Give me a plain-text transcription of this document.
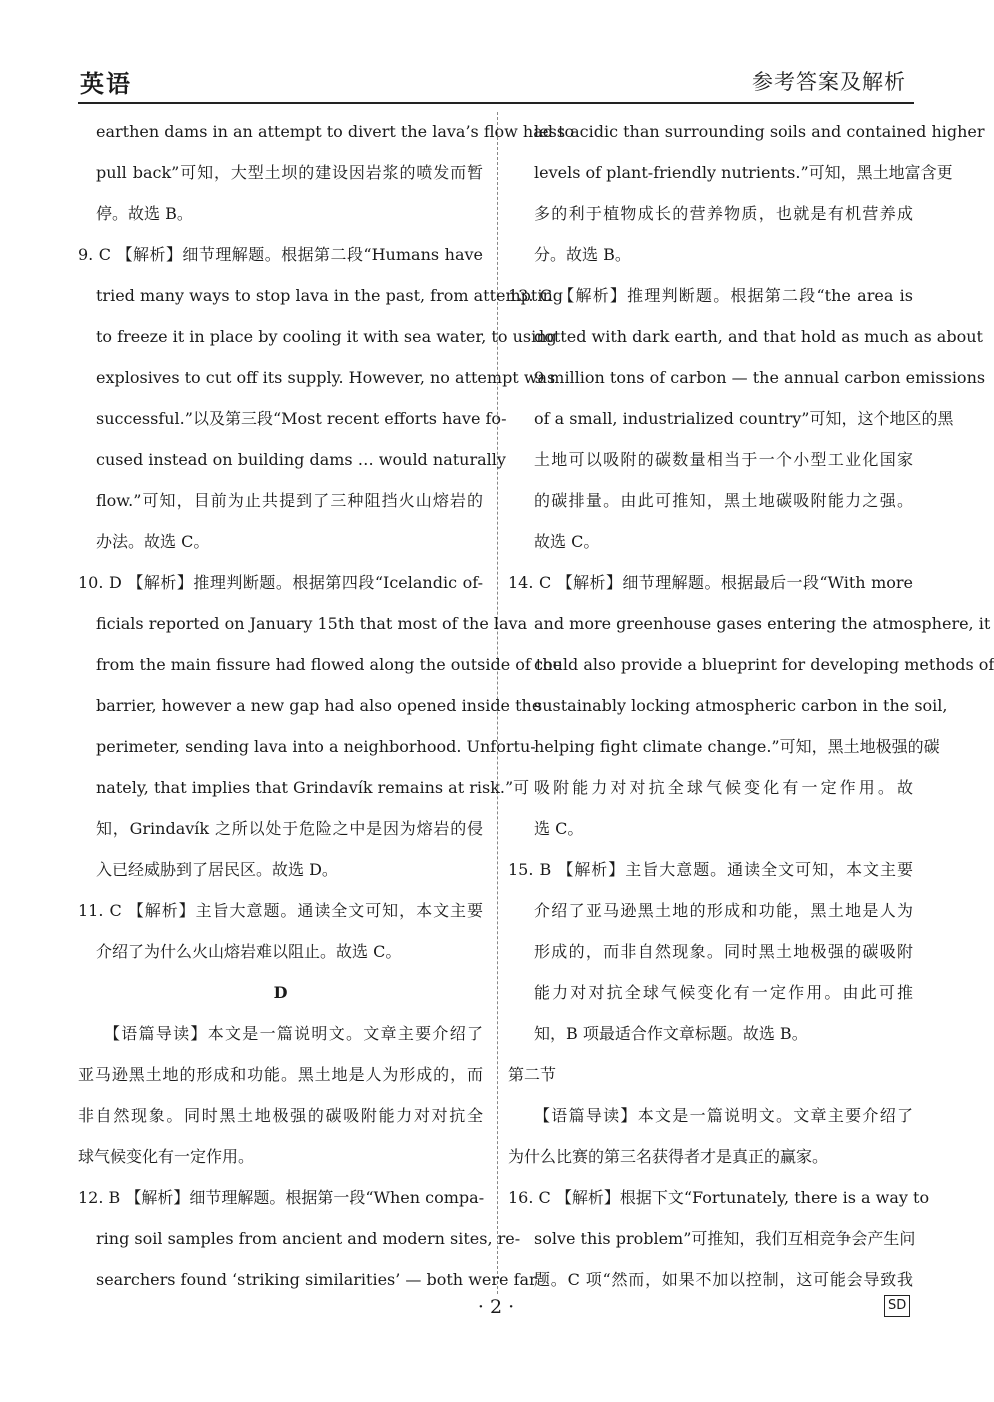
英语	参考答案及解析
earthen dams in an attempt to divert the lava’s flow had to
pull back”可知，大型土坝的建设因岩浆的喷发而暂
停。故选 B。
9. C 【解析】细节理解题。根据第二段“Humans have
tried many ways to stop lava in the past, from attempting
to freeze it in place by cooling it with sea water, to using
explosives to cut off its supply. However, no attempt was
successful.”以及第三段“Most recent efforts have fo-
cused instead on building dams … would naturally
flow.”可知，目前为止共提到了三种阻挡火山熔岩的
办法。故选 C。
10. D 【解析】推理判断题。根据第四段“Icelandic of-
ficials reported on January 15th that most of the lava
from the main fissure had flowed along the outside of the
barrier, however a new gap had also opened inside the
perimeter, sending lava into a neighborhood. Unfortu-
nately, that implies that Grindavík remains at risk.”可
知，Grindavík 之所以处于危险之中是因为熔岩的侵
入已经威胁到了居民区。故选 D。
11. C 【解析】主旨大意题。通读全文可知，本文主要
介绍了为什么火山熔岩难以阻止。故选 C。
D
【语篇导读】本文是一篇说明文。文章主要介绍了
亚马逊黑土地的形成和功能。黑土地是人为形成的，而
非自然现象。同时黑土地极强的碳吸附能力对对抗全
球气候变化有一定作用。
12. B 【解析】细节理解题。根据第一段“When compa-
ring soil samples from ancient and modern sites, re-
searchers found ‘striking similarities’ — both were far
less acidic than surrounding soils and contained higher
levels of plant-friendly nutrients.”可知，黑土地富含更
多的利于植物成长的营养物质，也就是有机营养成
分。故选 B。
13. C 【解析】推理判断题。根据第二段“the area is
dotted with dark earth, and that hold as much as about
9 million tons of carbon — the annual carbon emissions
of a small, industrialized country”可知，这个地区的黑
土地可以吸附的碳数量相当于一个小型工业化国家
的碳排量。由此可推知，黑土地碳吸附能力之强。
故选 C。
14. C 【解析】细节理解题。根据最后一段“With more
and more greenhouse gases entering the atmosphere, it
could also provide a blueprint for developing methods of
sustainably locking atmospheric carbon in the soil,
helping fight climate change.”可知，黑土地极强的碳
吸附能力对对抗全球气候变化有一定作用。故
选 C。
15. B 【解析】主旨大意题。通读全文可知，本文主要
介绍了亚马逊黑土地的形成和功能，黑土地是人为
形成的，而非自然现象。同时黑土地极强的碳吸附
能力对对抗全球气候变化有一定作用。由此可推
知，B 项最适合作文章标题。故选 B。
第二节
【语篇导读】本文是一篇说明文。文章主要介绍了
为什么比赛的第三名获得者才是真正的赢家。
16. C 【解析】根据下文“Fortunately, there is a way to
solve this problem”可推知，我们互相竞争会产生问
题。C 项“然而，如果不加以控制，这可能会导致我
· 2 ·	SD
